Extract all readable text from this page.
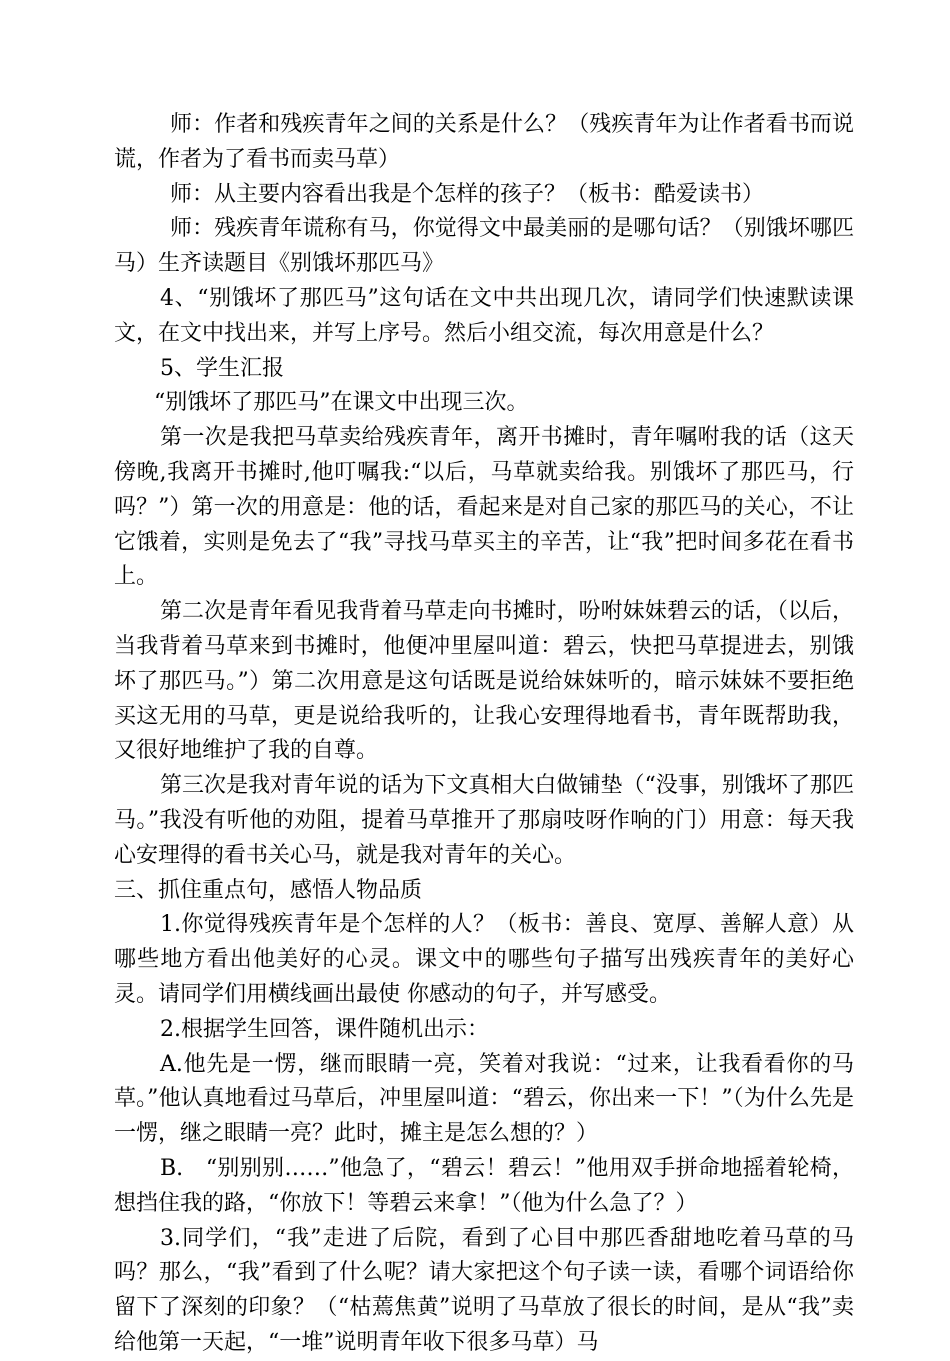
师：作者和残疾青年之间的关系是什么？（残疾青年为让作者看书而说谎，作者为了看书而卖马草）

师：从主要内容看出我是个怎样的孩子？（板书：酷爱读书）

师：残疾青年谎称有马，你觉得文中最美丽的是哪句话？（别饿坏哪匹马）生齐读题目《别饿坏那匹马》

4、“别饿坏了那匹马”这句话在文中共出现几次，请同学们快速默读课文，在文中找出来，并写上序号。然后小组交流，每次用意是什么？

5、学生汇报

“别饿坏了那匹马”在课文中出现三次。

第一次是我把马草卖给残疾青年，离开书摊时，青年嘱咐我的话（这天傍晚,我离开书摊时,他叮嘱我:“以后，马草就卖给我。别饿坏了那匹马，行吗？”）第一次的用意是：他的话，看起来是对自己家的那匹马的关心，不让它饿着，实则是免去了“我”寻找马草买主的辛苦，让“我”把时间多花在看书上。

第二次是青年看见我背着马草走向书摊时，吩咐妹妹碧云的话，（以后，当我背着马草来到书摊时，他便冲里屋叫道：碧云，快把马草提进去，别饿坏了那匹马。”）第二次用意是这句话既是说给妹妹听的，暗示妹妹不要拒绝买这无用的马草，更是说给我听的，让我心安理得地看书，青年既帮助我，又很好地维护了我的自尊。

第三次是我对青年说的话为下文真相大白做铺垫（“没事，别饿坏了那匹马。”我没有听他的劝阻，提着马草推开了那扇吱呀作响的门）用意：每天我心安理得的看书关心马，就是我对青年的关心。

三、抓住重点句，感悟人物品质

1.你觉得残疾青年是个怎样的人？（板书：善良、宽厚、善解人意）从哪些地方看出他美好的心灵。课文中的哪些句子描写出残疾青年的美好心灵。请同学们用横线画出最使 你感动的句子，并写感受。

2.根据学生回答，课件随机出示：

A.他先是一愣，继而眼睛一亮，笑着对我说：“过来，让我看看你的马草。”他认真地看过马草后，冲里屋叫道：“碧云，你出来一下！”（为什么先是一愣，继之眼睛一亮？此时，摊主是怎么想的？）

B.　“别别别……”他急了，“碧云！碧云！”他用双手拼命地摇着轮椅，想挡住我的路，“你放下！等碧云来拿！”（他为什么急了？）

3.同学们，“我”走进了后院，看到了心目中那匹香甜地吃着马草的马吗？那么，“我”看到了什么呢？请大家把这个句子读一读，看哪个词语给你留下了深刻的印象？（“枯蔫焦黄”说明了马草放了很长的时间，是从“我”卖给他第一天起，“一堆”说明青年收下很多马草）马
